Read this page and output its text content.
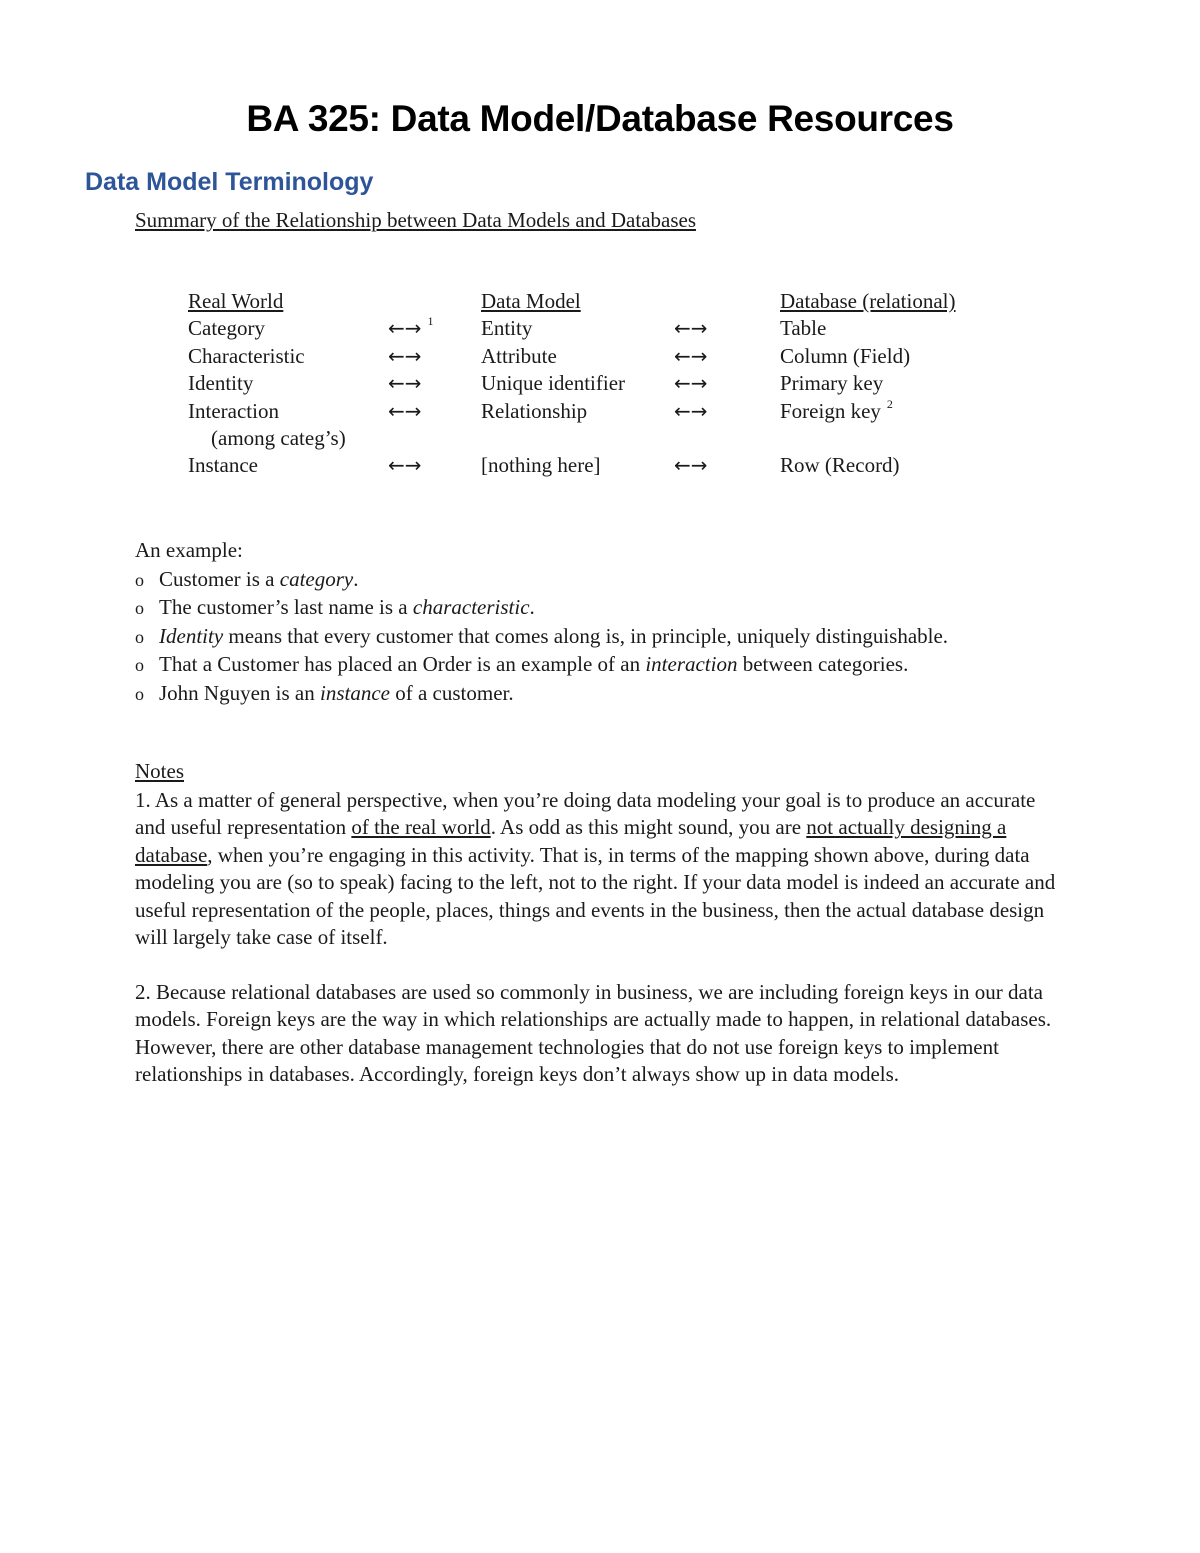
BA 325: Data Model/Database Resources
Data Model Terminology
Summary of the Relationship between Data Models and Databases
Real World		Data Model		Database (relational)
Category	←→ $^1$	Entity	←→	Table
Characteristic	←→	Attribute	←→	Column (Field)
Identity	←→	Unique identifier	←→	Primary key
Interaction	←→	Relationship	←→	Foreign key $^2$
(among categ’s)				
Instance	←→	[nothing here]	←→	Row (Record)
An example:
o Customer is a category.
o The customer’s last name is a characteristic.
o Identity means that every customer that comes along is, in principle, uniquely distinguishable.
o That a Customer has placed an Order is an example of an interaction between categories.
o John Nguyen is an instance of a customer.
Notes

1. As a matter of general perspective, when you’re doing data modeling your goal is to produce an accurate and useful representation of the real world. As odd as this might sound, you are not actually designing a database, when you’re engaging in this activity. That is, in terms of the mapping shown above, during data modeling you are (so to speak) facing to the left, not to the right. If your data model is indeed an accurate and useful representation of the people, places, things and events in the business, then the actual database design will largely take case of itself.

2. Because relational databases are used so commonly in business, we are including foreign keys in our data models. Foreign keys are the way in which relationships are actually made to happen, in relational databases. However, there are other database management technologies that do not use foreign keys to implement relationships in databases. Accordingly, foreign keys don’t always show up in data models.
